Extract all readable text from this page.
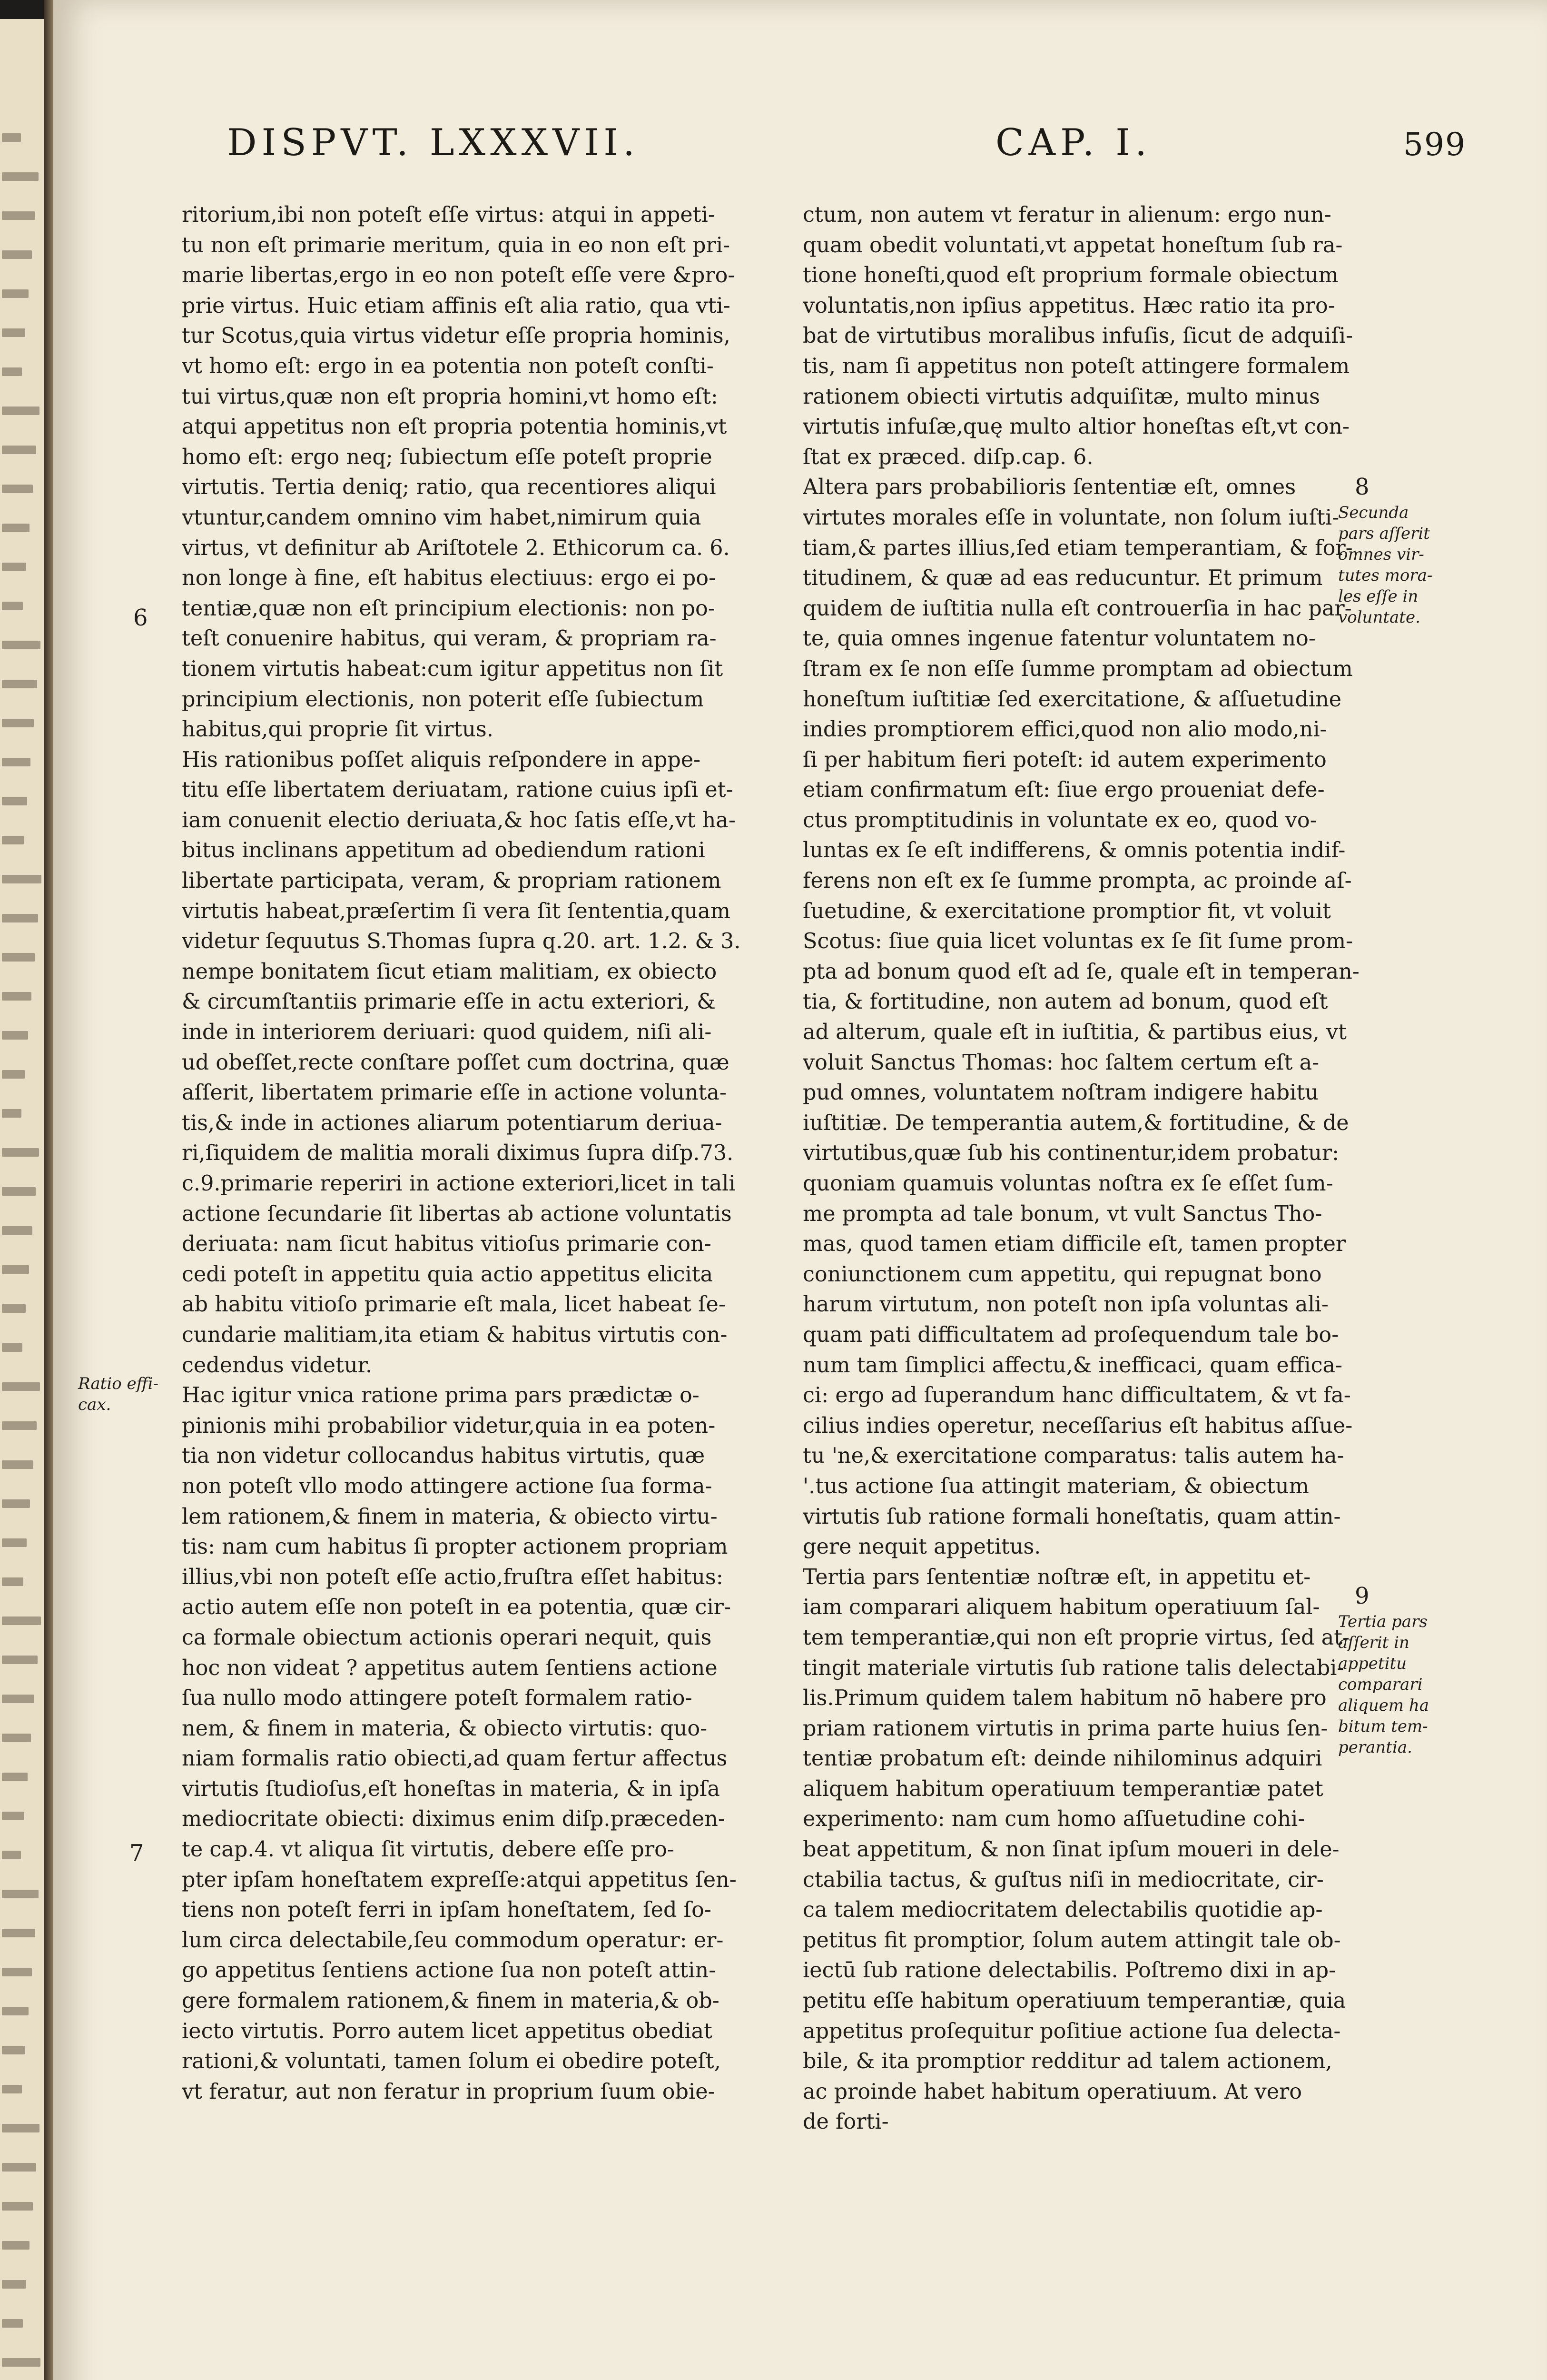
DISPVT. LXXXVII.	CAP. I.	599
ritorium,ibi non poteſt eſſe virtus: atqui in appeti-
tu non eſt primarie meritum, quia in eo non eſt pri-
marie libertas,ergo in eo non poteſt eſſe vere &pro-
prie virtus. Huic etiam affinis eſt alia ratio, qua vti-
tur Scotus,quia virtus videtur eſſe propria hominis,
vt homo eſt: ergo in ea potentia non poteſt conſti-
tui virtus,quæ non eſt propria homini,vt homo eſt:
atqui appetitus non eſt propria potentia hominis,vt
homo eſt: ergo neq; ſubiectum eſſe poteſt proprie
virtutis. Tertia deniq; ratio, qua recentiores aliqui
vtuntur,candem omnino vim habet,nimirum quia
virtus, vt definitur ab Ariſtotele 2. Ethicorum ca. 6.
non longe à fine, eſt habitus electiuus: ergo ei po-
tentiæ,quæ non eſt principium electionis: non po-
teſt conuenire habitus, qui veram, & propriam ra-
tionem virtutis habeat:cum igitur appetitus non ſit
principium electionis, non poterit eſſe ſubiectum
habitus,qui proprie ſit virtus.
His rationibus poſſet aliquis reſpondere in appe-
titu eſſe libertatem deriuatam, ratione cuius ipſi et-
iam conuenit electio deriuata,& hoc ſatis eſſe,vt ha-
bitus inclinans appetitum ad obediendum rationi
libertate participata, veram, & propriam rationem
virtutis habeat,præſertim ſi vera ſit ſententia,quam
videtur ſequutus S.Thomas ſupra q.20. art. 1.2. & 3.
nempe bonitatem ſicut etiam malitiam, ex obiecto
& circumſtantiis primarie eſſe in actu exteriori, &
inde in interiorem deriuari: quod quidem, niſi ali-
ud obeſſet,recte conſtare poſſet cum doctrina, quæ
aſſerit, libertatem primarie eſſe in actione volunta-
tis,& inde in actiones aliarum potentiarum deriua-
ri,ſiquidem de malitia morali diximus ſupra diſp.73.
c.9.primarie reperiri in actione exteriori,licet in tali
actione ſecundarie ſit libertas ab actione voluntatis
deriuata: nam ſicut habitus vitioſus primarie con-
cedi poteſt in appetitu quia actio appetitus elicita
ab habitu vitioſo primarie eſt mala, licet habeat ſe-
cundarie malitiam,ita etiam & habitus virtutis con-
cedendus videtur.
Hac igitur vnica ratione prima pars prædictæ o-
pinionis mihi probabilior videtur,quia in ea poten-
tia non videtur collocandus habitus virtutis, quæ
non poteſt vllo modo attingere actione ſua forma-
lem rationem,& finem in materia, & obiecto virtu-
tis: nam cum habitus ſi propter actionem propriam
illius,vbi non poteſt eſſe actio,fruſtra eſſet habitus:
actio autem eſſe non poteſt in ea potentia, quæ cir-
ca formale obiectum actionis operari nequit, quis
hoc non videat ? appetitus autem ſentiens actione
ſua nullo modo attingere poteſt formalem ratio-
nem, & finem in materia, & obiecto virtutis: quo-
niam formalis ratio obiecti,ad quam fertur affectus
virtutis ſtudioſus,eſt honeſtas in materia, & in ipſa
mediocritate obiecti: diximus enim diſp.præceden-
te cap.4. vt aliqua ſit virtutis, debere eſſe pro-
pter ipſam honeſtatem expreſſe:atqui appetitus ſen-
tiens non poteſt ferri in ipſam honeſtatem, ſed ſo-
lum circa delectabile,ſeu commodum operatur: er-
go appetitus ſentiens actione ſua non poteſt attin-
gere formalem rationem,& finem in materia,& ob-
iecto virtutis. Porro autem licet appetitus obediat
rationi,& voluntati, tamen ſolum ei obedire poteſt,
vt feratur, aut non feratur in proprium ſuum obie-
ctum, non autem vt feratur in alienum: ergo nun-
quam obedit voluntati,vt appetat honeſtum ſub ra-
tione honeſti,quod eſt proprium formale obiectum
voluntatis,non ipſius appetitus. Hæc ratio ita pro-
bat de virtutibus moralibus infuſis, ſicut de adquiſi-
tis, nam ſi appetitus non poteſt attingere formalem
rationem obiecti virtutis adquiſitæ, multo minus
virtutis infuſæ,quę multo altior honeſtas eſt,vt con-
ſtat ex præced. diſp.cap. 6.
Altera pars probabilioris ſententiæ eſt, omnes
virtutes morales eſſe in voluntate, non ſolum iuſti-
tiam,& partes illius,ſed etiam temperantiam, & for-
titudinem, & quæ ad eas reducuntur. Et primum
quidem de iuſtitia nulla eſt controuerſia in hac par-
te, quia omnes ingenue fatentur voluntatem no-
ſtram ex ſe non eſſe ſumme promptam ad obiectum
honeſtum iuſtitiæ ſed exercitatione, & aſſuetudine
indies promptiorem effici,quod non alio modo,ni-
ſi per habitum fieri poteſt: id autem experimento
etiam confirmatum eſt: ſiue ergo proueniat defe-
ctus promptitudinis in voluntate ex eo, quod vo-
luntas ex ſe eſt indifferens, & omnis potentia indif-
ferens non eſt ex ſe ſumme prompta, ac proinde aſ-
ſuetudine, & exercitatione promptior fit, vt voluit
Scotus: ſiue quia licet voluntas ex ſe ſit ſume prom-
pta ad bonum quod eſt ad ſe, quale eſt in temperan-
tia, & fortitudine, non autem ad bonum, quod eſt
ad alterum, quale eſt in iuſtitia, & partibus eius, vt
voluit Sanctus Thomas: hoc ſaltem certum eſt a-
pud omnes, voluntatem noſtram indigere habitu
iuſtitiæ. De temperantia autem,& fortitudine, & de
virtutibus,quæ ſub his continentur,idem probatur:
quoniam quamuis voluntas noſtra ex ſe eſſet ſum-
me prompta ad tale bonum, vt vult Sanctus Tho-
mas, quod tamen etiam difficile eſt, tamen propter
coniunctionem cum appetitu, qui repugnat bono
harum virtutum, non poteſt non ipſa voluntas ali-
quam pati difficultatem ad proſequendum tale bo-
num tam ſimplici affectu,& inefficaci, quam effica-
ci: ergo ad ſuperandum hanc difficultatem, & vt fa-
cilius indies operetur, neceſſarius eſt habitus aſſue-
tu 'ne,& exercitatione comparatus: talis autem ha-
'.tus actione ſua attingit materiam, & obiectum
virtutis ſub ratione formali honeſtatis, quam attin-
gere nequit appetitus.
Tertia pars ſententiæ noſtræ eſt, in appetitu et-
iam comparari aliquem habitum operatiuum ſal-
tem temperantiæ,qui non eſt proprie virtus, ſed at-
tingit materiale virtutis ſub ratione talis delectabi-
lis.Primum quidem talem habitum nō habere pro
priam rationem virtutis in prima parte huius ſen-
tentiæ probatum eſt: deinde nihilominus adquiri
aliquem habitum operatiuum temperantiæ patet
experimento: nam cum homo aſſuetudine cohi-
beat appetitum, & non ſinat ipſum moueri in dele-
ctabilia tactus, & guſtus niſi in mediocritate, cir-
ca talem mediocritatem delectabilis quotidie ap-
petitus fit promptior, ſolum autem attingit tale ob-
iectū ſub ratione delectabilis. Poſtremo dixi in ap-
petitu eſſe habitum operatiuum temperantiæ, quia
appetitus proſequitur poſitiue actione ſua delecta-
bile, & ita promptior redditur ad talem actionem,
ac proinde habet habitum operatiuum. At vero
de forti-
6
7
Ratio effi-
cax.
8
Secunda
pars aſſerit
omnes vir-
tutes mora-
les eſſe in
voluntate.
9
Tertia pars
aſſerit in
appetitu
comparari
aliquem ha
bitum tem-
perantia.
